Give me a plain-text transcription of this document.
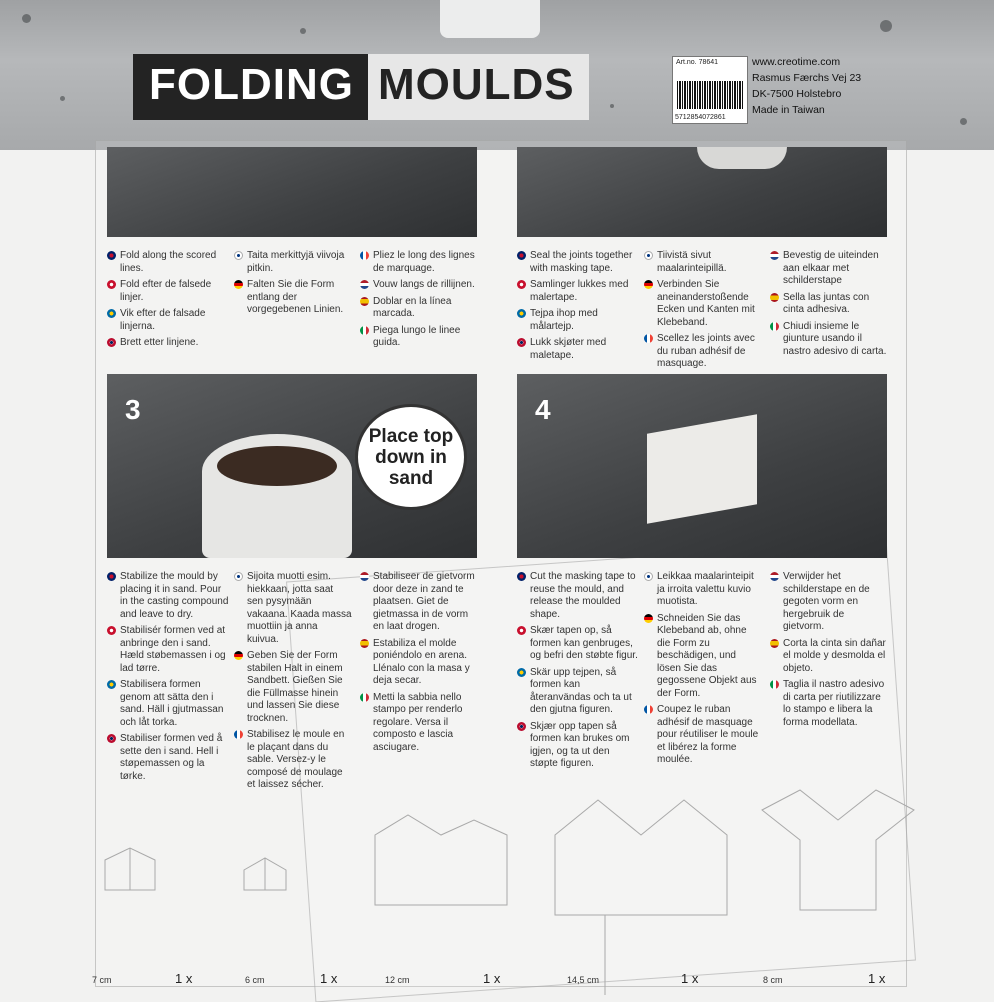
FOLDING MOULDS	Art.no. 78641
5712854072861
www.creotime.com
Rasmus Færchs Vej 23
DK-7500 Holstebro
Made in Taiwan
3
Place top down in sand
4
Fold along the scored lines.
Fold efter de falsede linjer.
Vik efter de falsade linjerna.
Brett etter linjene.
Taita merkittyjä viivoja pitkin.
Falten Sie die Form entlang der vorgegebenen Linien.
Pliez le long des lignes de marquage.
Vouw langs de rillijnen.
Doblar en la línea marcada.
Piega lungo le linee guida.
Seal the joints together with masking tape.
Samlinger lukkes med malertape.
Tejpa ihop med målartejp.
Lukk skjøter med maletape.
Tiivistä sivut maalarinteipillä.
Verbinden Sie aneinanderstoßende Ecken und Kanten mit Klebeband.
Scellez les joints avec du ruban adhésif de masquage.
Bevestig de uiteinden aan elkaar met schilderstape
Sella las juntas con cinta adhesiva.
Chiudi insieme le giunture usando il nastro adesivo di carta.
Stabilize the mould by placing it in sand. Pour in the casting compound and leave to dry.
Stabilisér formen ved at anbringe den i sand. Hæld støbemassen i og lad tørre.
Stabilisera formen genom att sätta den i sand. Häll i gjutmassan och låt torka.
Stabiliser formen ved å sette den i sand. Hell i støpemassen og la tørke.
Sijoita muotti esim. hiekkaan, jotta saat sen pysymään vakaana. Kaada massa muottiin ja anna kuivua.
Geben Sie der Form stabilen Halt in einem Sandbett. Gießen Sie die Füllmasse hinein und lassen Sie diese trocknen.
Stabilisez le moule en le plaçant dans du sable. Versez-y le composé de moulage et laissez sécher.
Stabiliseer de gietvorm door deze in zand te plaatsen. Giet de gietmassa in de vorm en laat drogen.
Estabiliza el molde poniéndolo en arena. Llénalo con la masa y deja secar.
Metti la sabbia nello stampo per renderlo regolare. Versa il composto e lascia asciugare.
Cut the masking tape to reuse the mould, and release the moulded shape.
Skær tapen op, så formen kan genbruges, og befri den støbte figur.
Skär upp tejpen, så formen kan återanvändas och ta ut den gjutna figuren.
Skjær opp tapen så formen kan brukes om igjen, og ta ut den støpte figuren.
Leikkaa maalarinteipit ja irroita valettu kuvio muotista.
Schneiden Sie das Klebeband ab, ohne die Form zu beschädigen, und lösen Sie das gegossene Objekt aus der Form.
Coupez le ruban adhésif de masquage pour réutiliser le moule et libérez la forme moulée.
Verwijder het schilderstape en de gegoten vorm en hergebruik de gietvorm.
Corta la cinta sin dañar el molde y desmolda el objeto.
Taglia il nastro adesivo di carta per riutilizzare lo stampo e libera la forma modellata.
7 cm	1 x	6 cm	1 x	12 cm	1 x	14,5 cm	1 x	8 cm	1 x
